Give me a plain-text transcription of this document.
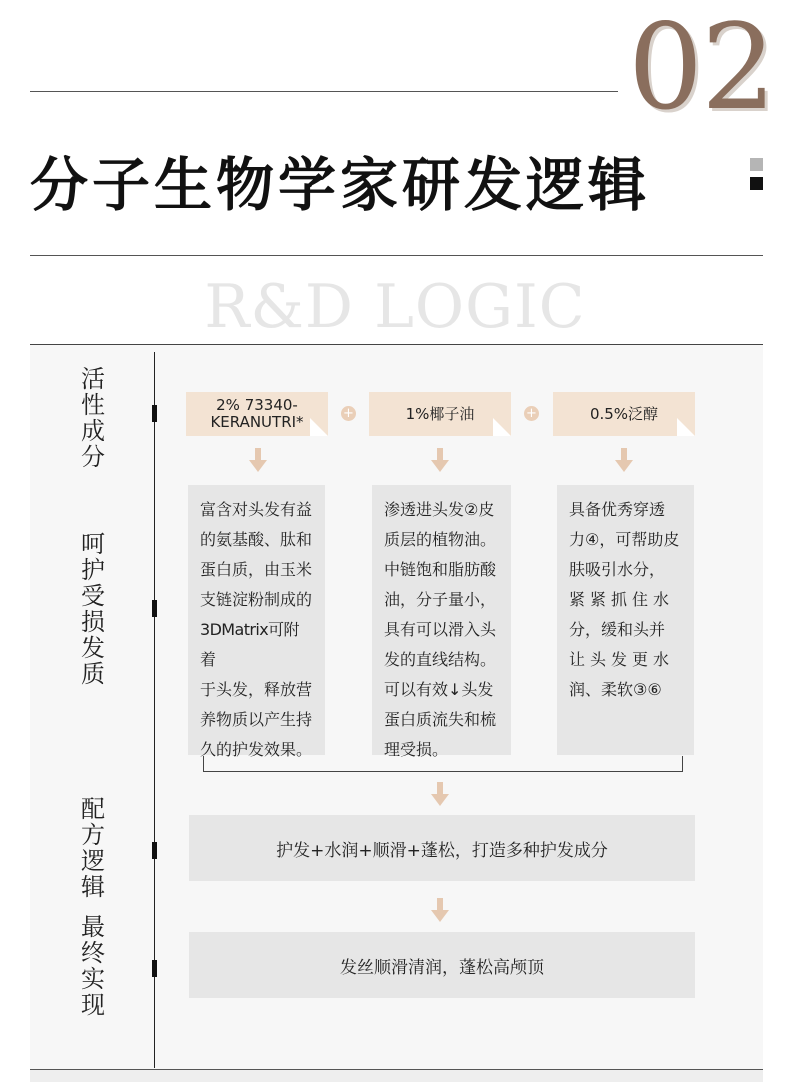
02
分子生物学家研发逻辑
R&D LOGIC
活
性
成
分
呵
护
受
损
发
质
配
方
逻
辑
最
终
实
现
2% 73340-
KERANUTRI*	+	1%椰子油	+	0.5%泛醇
富含对头发有益
的氨基酸、肽和
蛋白质，由玉米
支链淀粉制成的
3DMatrix可附着
于头发，释放营
养物质以产生持
久的护发效果。
渗透进头发②皮
质层的植物油。
中链饱和脂肪酸
油，分子量小，
具有可以滑入头
发的直线结构。
可以有效↓头发
蛋白质流失和梳
理受损。
具备优秀穿透
力④，可帮助皮
肤吸引水分，
紧紧抓住水
分，缓和头并
让头发更水
润、柔软③⑥
护发+水润+顺滑+蓬松，打造多种护发成分
发丝顺滑清润，蓬松高颅顶
